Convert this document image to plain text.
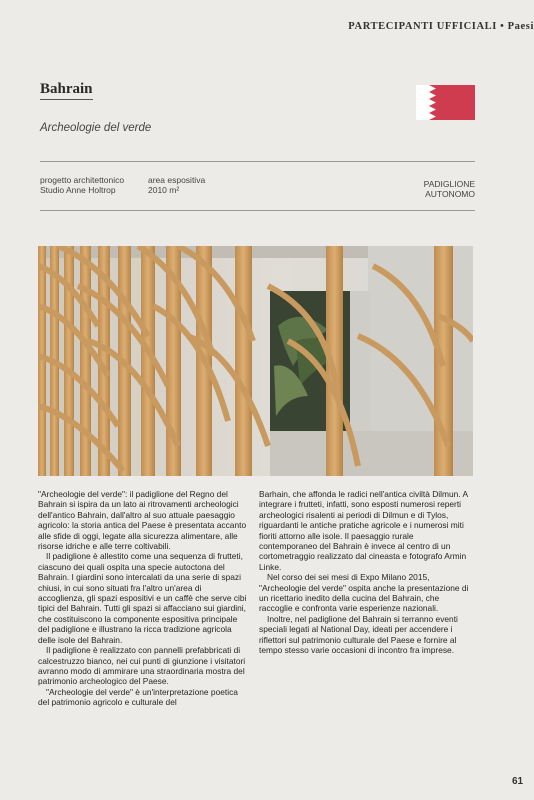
PARTECIPANTI UFFICIALI • Paesi
Bahrain
Archeologie del verde
progetto architettonico
Studio Anne Holtrop
area espositiva
2010 m²
PADIGLIONE
AUTONOMO

"Archeologie del verde": il padiglione del Regno del Bahrain si ispira da un lato ai ritrovamenti archeologici dell'antico Bahrain, dall'altro al suo attuale paesaggio agricolo: la storia antica del Paese è presentata accanto alle sfide di oggi, legate alla sicurezza alimentare, alle risorse idriche e alle terre coltivabili.

Il padiglione è allestito come una sequenza di frutteti, ciascuno dei quali ospita una specie autoctona del Bahrain. I giardini sono intercalati da una serie di spazi chiusi, in cui sono situati fra l'altro un'area di accoglienza, gli spazi espositivi e un caffè che serve cibi tipici del Bahrain. Tutti gli spazi si affacciano sui giardini, che costituiscono la componente espositiva principale del padiglione e illustrano la ricca tradizione agricola delle isole del Bahrain.

Il padiglione è realizzato con pannelli prefabbricati di calcestruzzo bianco, nei cui punti di giunzione i visitatori avranno modo di ammirare una straordinaria mostra del patrimonio archeologico del Paese.

"Archeologie del verde" è un'interpretazione poetica del patrimonio agricolo e culturale del

Barhain, che affonda le radici nell'antica civiltà Dilmun. A integrare i frutteti, infatti, sono esposti numerosi reperti archeologici risalenti ai periodi di Dilmun e di Tylos, riguardanti le antiche pratiche agricole e i numerosi miti fioriti attorno alle isole. Il paesaggio rurale contemporaneo del Bahrain è invece al centro di un cortometraggio realizzato dal cineasta e fotografo Armin Linke.

Nel corso dei sei mesi di Expo Milano 2015, "Archeologie del verde" ospita anche la presentazione di un ricettario inedito della cucina del Bahrain, che raccoglie e confronta varie esperienze nazionali.

Inoltre, nel padiglione del Bahrain si terranno eventi speciali legati al National Day, ideati per accendere i riflettori sul patrimonio culturale del Paese e fornire al tempo stesso varie occasioni di incontro fra imprese.

61
